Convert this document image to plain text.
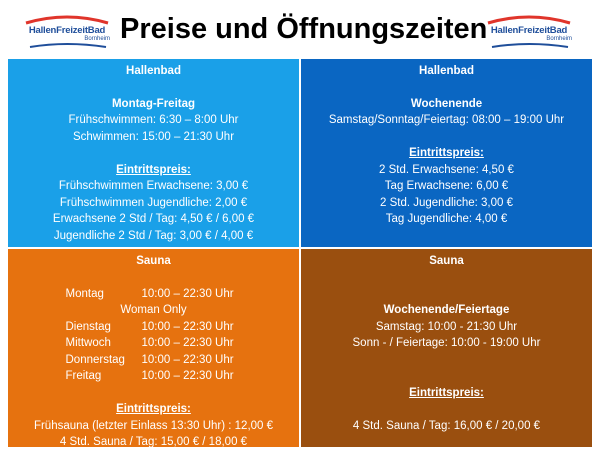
HallenFreizeitBad
Bornheim Preise und Öffnungszeiten HallenFreizeitBad
Bornheim
Hallenbad
Montag-Freitag
Frühschwimmen: 6:30 – 8:00 Uhr
Schwimmen: 15:00 – 21:30 Uhr
Eintrittspreis:
Frühschwimmen Erwachsene: 3,00 €
Frühschwimmen Jugendliche: 2,00 €
Erwachsene 2 Std / Tag: 4,50 € / 6,00 €
Jugendliche 2 Std / Tag: 3,00 € / 4,00 €
Hallenbad
Wochenende
Samstag/Sonntag/Feiertag: 08:00 – 19:00 Uhr
Eintrittspreis:
2 Std. Erwachsene: 4,50 €
Tag Erwachsene: 6,00 €
2 Std. Jugendliche: 3,00 €
Tag Jugendliche: 4,00 €
Sauna
Montag	10:00 – 22:30 Uhr
Woman Only
Dienstag	10:00 – 22:30 Uhr
Mittwoch	10:00 – 22:30 Uhr
Donnerstag	10:00 – 22:30 Uhr
Freitag	10:00 – 22:30 Uhr
Eintrittspreis:
Frühsauna (letzter Einlass 13:30 Uhr) : 12,00 €
4 Std. Sauna / Tag: 15,00 € / 18,00 €
Sauna
Wochenende/Feiertage
Samstag: 10:00 - 21:30 Uhr
Sonn - / Feiertage: 10:00 - 19:00 Uhr
Eintrittspreis:
4 Std. Sauna / Tag: 16,00 € / 20,00 €
